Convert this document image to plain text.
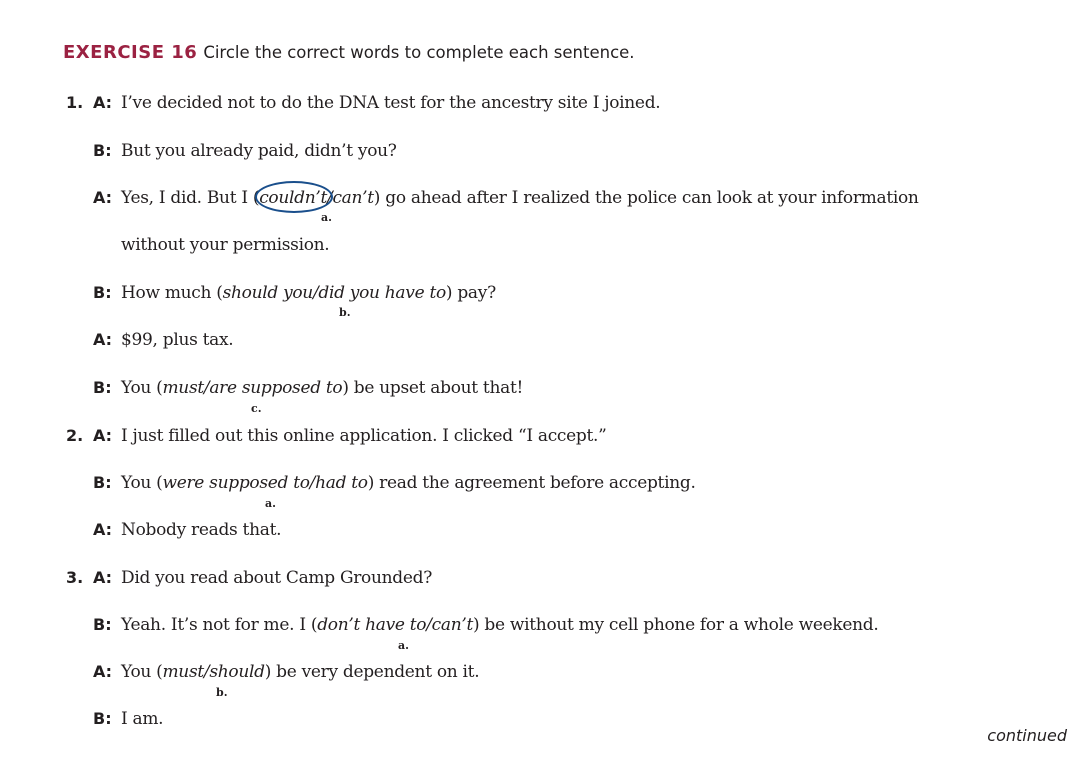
EXERCISE 16 Circle the correct words to complete each sentence.
1. A: I’ve decided not to do the DNA test for the ancestry site I joined.
B: But you already paid, didn’t you?
A: Yes, I did. But I (couldn’t
/can’t) go ahead after I realized the police can look at your information
a.
without your permission.
B: How much (should you/did you have to) pay?
b.
A: $99, plus tax.
B: You (must/are supposed to) be upset about that!
c.
2. A: I just filled out this online application. I clicked “I accept.”
B: You (were supposed to/had to) read the agreement before accepting.
a.
A: Nobody reads that.
3. A: Did you read about Camp Grounded?
B: Yeah. It’s not for me. I (don’t have to/can’t) be without my cell phone for a whole weekend.
a.
A: You (must/should) be very dependent on it.
b.
B: I am.
continued
